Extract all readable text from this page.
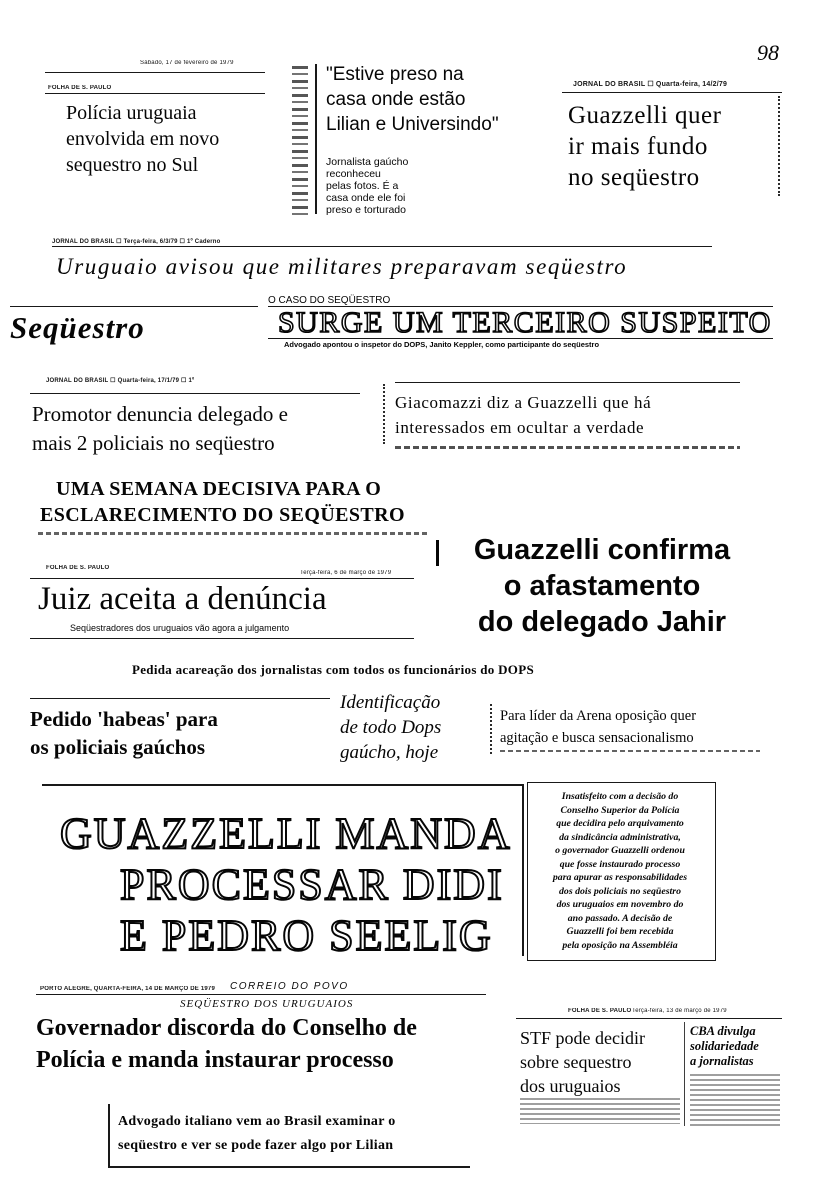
98
Sábado, 17 de fevereiro de 1979
FOLHA DE S. PAULO
Polícia uruguaia
envolvida em novo
sequestro no Sul
"Estive preso na
casa onde estão
Lilian e Universindo"
Jornalista gaúcho
reconheceu
pelas fotos. É a
casa onde ele foi
preso e torturado
JORNAL DO BRASIL ☐ Quarta-feira, 14/2/79
Guazzelli quer
ir mais fundo
no seqüestro
JORNAL DO BRASIL ☐ Terça-feira, 6/3/79 ☐ 1º Caderno
Uruguaio avisou que militares preparavam seqüestro
Seqüestro
O CASO DO SEQÜESTRO
SURGE UM TERCEIRO SUSPEITO
Advogado apontou o inspetor do DOPS, Janito Keppler, como participante do seqüestro
JORNAL DO BRASIL ☐ Quarta-feira, 17/1/79 ☐ 1º
Promotor denuncia delegado e
mais 2 policiais no seqüestro
Giacomazzi diz a Guazzelli que há
interessados em ocultar a verdade
UMA SEMANA DECISIVA PARA O
ESCLARECIMENTO DO SEQÜESTRO
FOLHA DE S. PAULO
Terça-feira, 6 de março de 1979
Juiz aceita a denúncia
Seqüestradores dos uruguaios vão agora a julgamento
Guazzelli confirma
o afastamento
do delegado Jahir
Pedida acareação dos jornalistas com todos os funcionários do DOPS
Pedido 'habeas' para
os policiais gaúchos
Identificação
de todo Dops
gaúcho, hoje
Para líder da Arena oposição quer
agitação e busca sensacionalismo
GUAZZELLI MANDA
PROCESSAR DIDI
E PEDRO SEELIG
Insatisfeito com a decisão do
Conselho Superior da Polícia
que decidira pelo arquivamento
da sindicância administrativa,
o governador Guazzelli ordenou
que fosse instaurado processo
para apurar as responsabilidades
dos dois policiais no seqüestro
dos uruguaios em novembro do
ano passado. A decisão de
Guazzelli foi bem recebida
pela oposição na Assembléia
PORTO ALEGRE, QUARTA-FEIRA, 14 DE MARÇO DE 1979	CORREIO DO POVO
SEQÜESTRO DOS URUGUAIOS
Governador discorda do Conselho de
Polícia e manda instaurar processo
FOLHA DE S. PAULO Terça-feira, 13 de março de 1979
STF pode decidir
sobre sequestro
dos uruguaios
CBA divulga
solidariedade
a jornalistas
Advogado italiano vem ao Brasil examinar o
seqüestro e ver se pode fazer algo por Lilian
